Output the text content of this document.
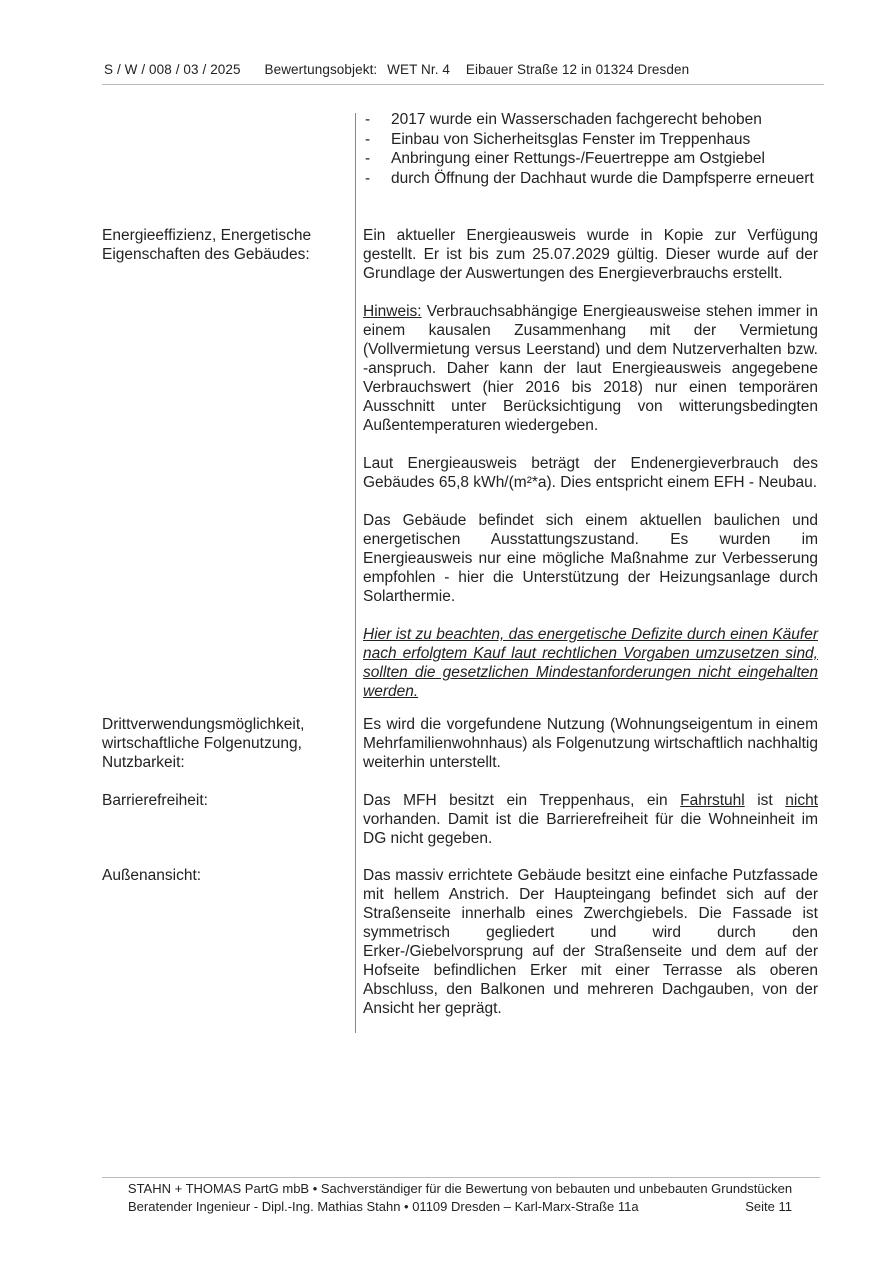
S / W / 008 / 03 / 2025 Bewertungsobjekt: WET Nr. 4 Eibauer Straße 12 in 01324 Dresden
- 2017 wurde ein Wasserschaden fachgerecht behoben
- Einbau von Sicherheitsglas Fenster im Treppenhaus
- Anbringung einer Rettungs-/Feuertreppe am Ostgiebel
- durch Öffnung der Dachhaut wurde die Dampfsperre erneuert
Energieeffizienz, Energetische Eigenschaften des Gebäudes:

Ein aktueller Energieausweis wurde in Kopie zur Verfügung gestellt. Er ist bis zum 25.07.2029 gültig. Dieser wurde auf der Grundlage der Auswertungen des Energieverbrauchs erstellt.

Hinweis: Verbrauchsabhängige Energieausweise stehen immer in einem kausalen Zusammenhang mit der Vermietung (Vollvermietung versus Leerstand) und dem Nutzerverhalten bzw. -anspruch. Daher kann der laut Energieausweis angegebene Verbrauchswert (hier 2016 bis 2018) nur einen temporären Ausschnitt unter Berücksichtigung von witterungsbedingten Außentemperaturen wiedergeben.

Laut Energieausweis beträgt der Endenergieverbrauch des Gebäudes 65,8 kWh/(m²*a). Dies entspricht einem EFH - Neubau.

Das Gebäude befindet sich einem aktuellen baulichen und energetischen Ausstattungszustand. Es wurden im Energieausweis nur eine mögliche Maßnahme zur Verbesserung empfohlen - hier die Unterstützung der Heizungsanlage durch Solarthermie.

Hier ist zu beachten, das energetische Defizite durch einen Käufer nach erfolgtem Kauf laut rechtlichen Vorgaben umzusetzen sind, sollten die gesetzlichen Mindestanforderungen nicht eingehalten werden.

Drittverwendungsmöglichkeit, wirtschaftliche Folgenutzung, Nutzbarkeit:
Es wird die vorgefundene Nutzung (Wohnungseigentum in einem Mehrfamilienwohnhaus) als Folgenutzung wirtschaftlich nachhaltig weiterhin unterstellt.
Barrierefreiheit:	Das MFH besitzt ein Treppenhaus, ein Fahrstuhl ist nicht vorhanden. Damit ist die Barrierefreiheit für die Wohneinheit im DG nicht gegeben.
Außenansicht:	Das massiv errichtete Gebäude besitzt eine einfache Putzfassade mit hellem Anstrich. Der Haupteingang befindet sich auf der Straßenseite innerhalb eines Zwerchgiebels. Die Fassade ist symmetrisch gegliedert und wird durch den Erker-/Giebelvorsprung auf der Straßenseite und dem auf der Hofseite befindlichen Erker mit einer Terrasse als oberen Abschluss, den Balkonen und mehreren Dachgauben, von der Ansicht her geprägt.
STAHN + THOMAS PartG mbB • Sachverständiger für die Bewertung von bebauten und unbebauten Grundstücken
Beratender Ingenieur - Dipl.-Ing. Mathias Stahn • 01109 Dresden – Karl-Marx-Straße 11a	Seite 11
